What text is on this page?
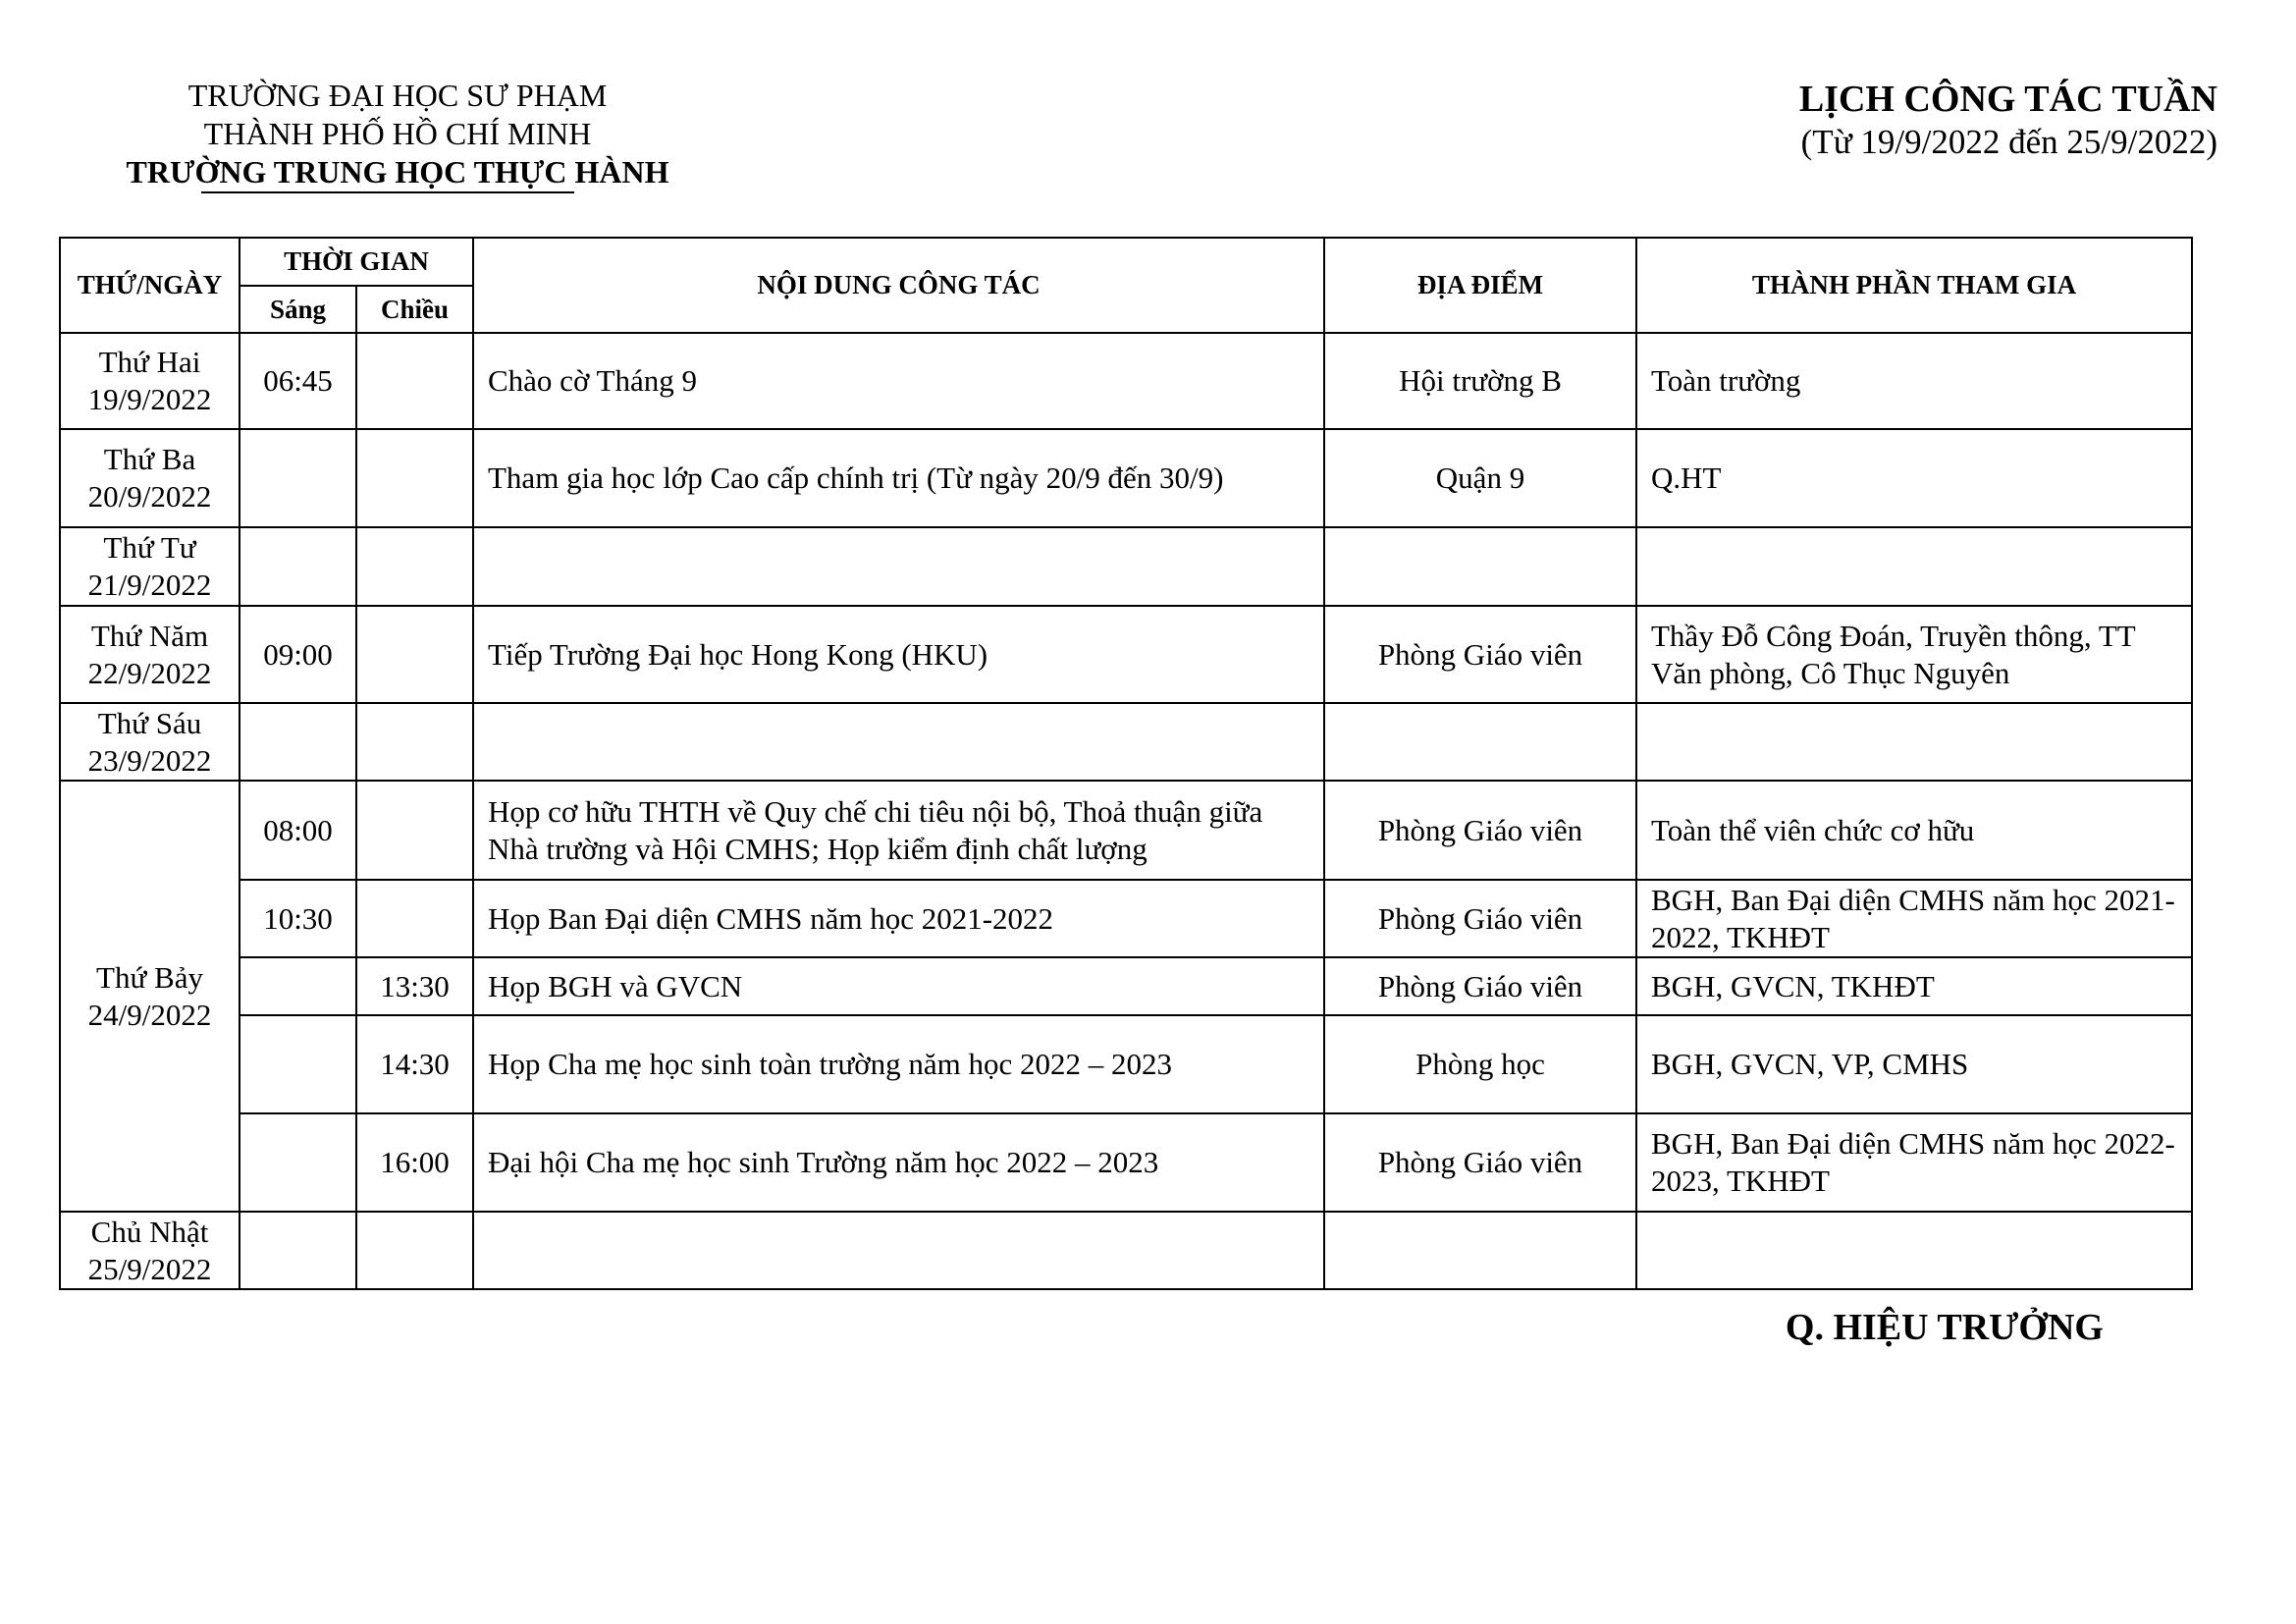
TRƯỜNG ĐẠI HỌC SƯ PHẠM
THÀNH PHỐ HỒ CHÍ MINH
TRƯỜNG TRUNG HỌC THỰC HÀNH
LỊCH CÔNG TÁC TUẦN
(Từ 19/9/2022 đến 25/9/2022)
THỨ/NGÀY	THỜI GIAN		NỘI DUNG CÔNG TÁC	ĐỊA ĐIỂM	THÀNH PHẦN THAM GIA
	Sáng	Chiều			

Thứ Hai
19/9/2022	06:45		Chào cờ Tháng 9	Hội trường B	Toàn trường

Thứ Ba
20/9/2022			Tham gia học lớp Cao cấp chính trị (Từ ngày 20/9 đến 30/9)	Quận 9	Q.HT

Thứ Tư
21/9/2022					

Thứ Năm
22/9/2022	09:00		Tiếp Trường Đại học Hong Kong (HKU)	Phòng Giáo viên	Thầy Đỗ Công Đoán, Truyền thông, TT Văn phòng, Cô Thục Nguyên

Thứ Sáu
23/9/2022					

Thứ Bảy
24/9/2022	08:00		Họp cơ hữu THTH về Quy chế chi tiêu nội bộ, Thoả thuận giữa Nhà trường và Hội CMHS; Họp kiểm định chất lượng	Phòng Giáo viên	Toàn thể viên chức cơ hữu
	10:30		Họp Ban Đại diện CMHS năm học 2021-2022	Phòng Giáo viên	BGH, Ban Đại diện CMHS năm học 2021-2022, TKHĐT
		13:30	Họp BGH và GVCN	Phòng Giáo viên	BGH, GVCN, TKHĐT
		14:30	Họp Cha mẹ học sinh toàn trường năm học 2022 – 2023	Phòng học	BGH, GVCN, VP, CMHS
		16:00	Đại hội Cha mẹ học sinh Trường năm học 2022 – 2023	Phòng Giáo viên	BGH, Ban Đại diện CMHS năm học 2022-2023, TKHĐT

Chủ Nhật
25/9/2022					

Q. HIỆU TRƯỞNG
